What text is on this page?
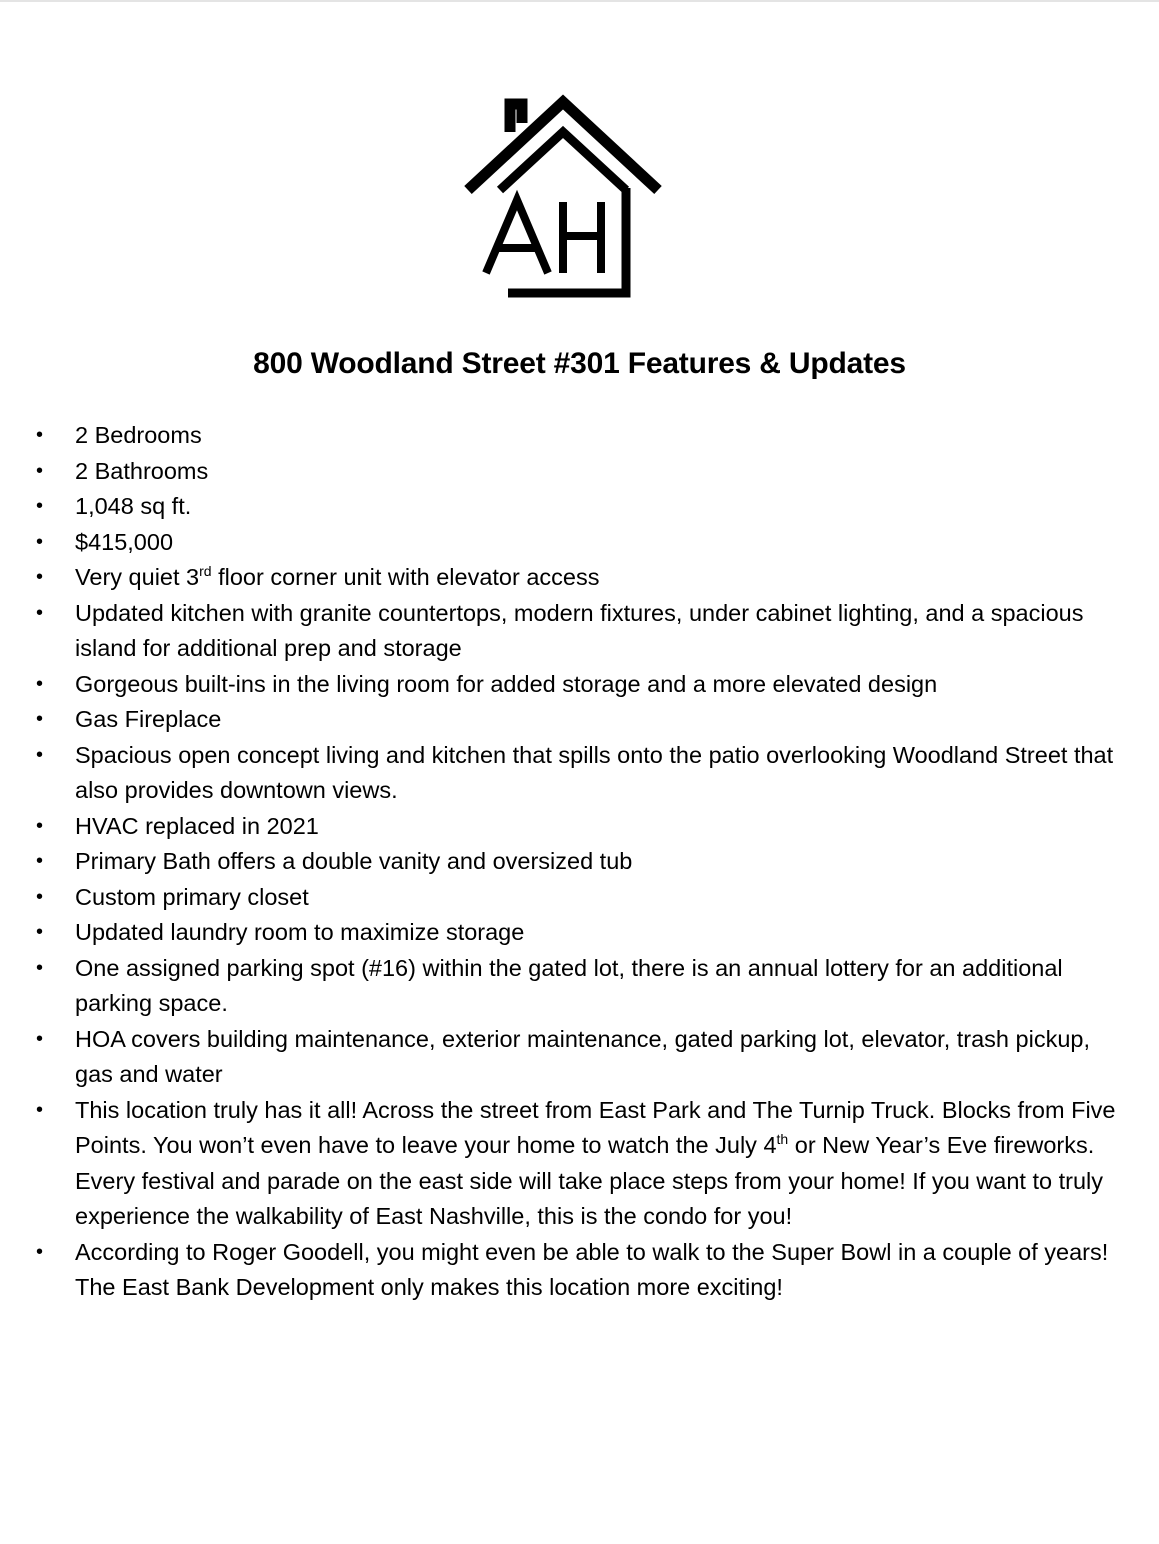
800 Woodland Street #301 Features & Updates
•	2 Bedrooms
•	2 Bathrooms
•	1,048 sq ft.
•	$415,000
•	Very quiet 3rd floor corner unit with elevator access
•	Updated kitchen with granite countertops, modern fixtures, under cabinet lighting, and a spacious island for additional prep and storage
•	Gorgeous built-ins in the living room for added storage and a more elevated design
•	Gas Fireplace
•	Spacious open concept living and kitchen that spills onto the patio overlooking Woodland Street that also provides downtown views.
•	HVAC replaced in 2021
•	Primary Bath offers a double vanity and oversized tub
•	Custom primary closet
•	Updated laundry room to maximize storage
•	One assigned parking spot (#16) within the gated lot, there is an annual lottery for an additional parking space.
•	HOA covers building maintenance, exterior maintenance, gated parking lot, elevator, trash pickup, gas and water
•	This location truly has it all! Across the street from East Park and The Turnip Truck. Blocks from Five Points. You won’t even have to leave your home to watch the July 4th or New Year’s Eve fireworks. Every festival and parade on the east side will take place steps from your home! If you want to truly experience the walkability of East Nashville, this is the condo for you!
•	According to Roger Goodell, you might even be able to walk to the Super Bowl in a couple of years! The East Bank Development only makes this location more exciting!
